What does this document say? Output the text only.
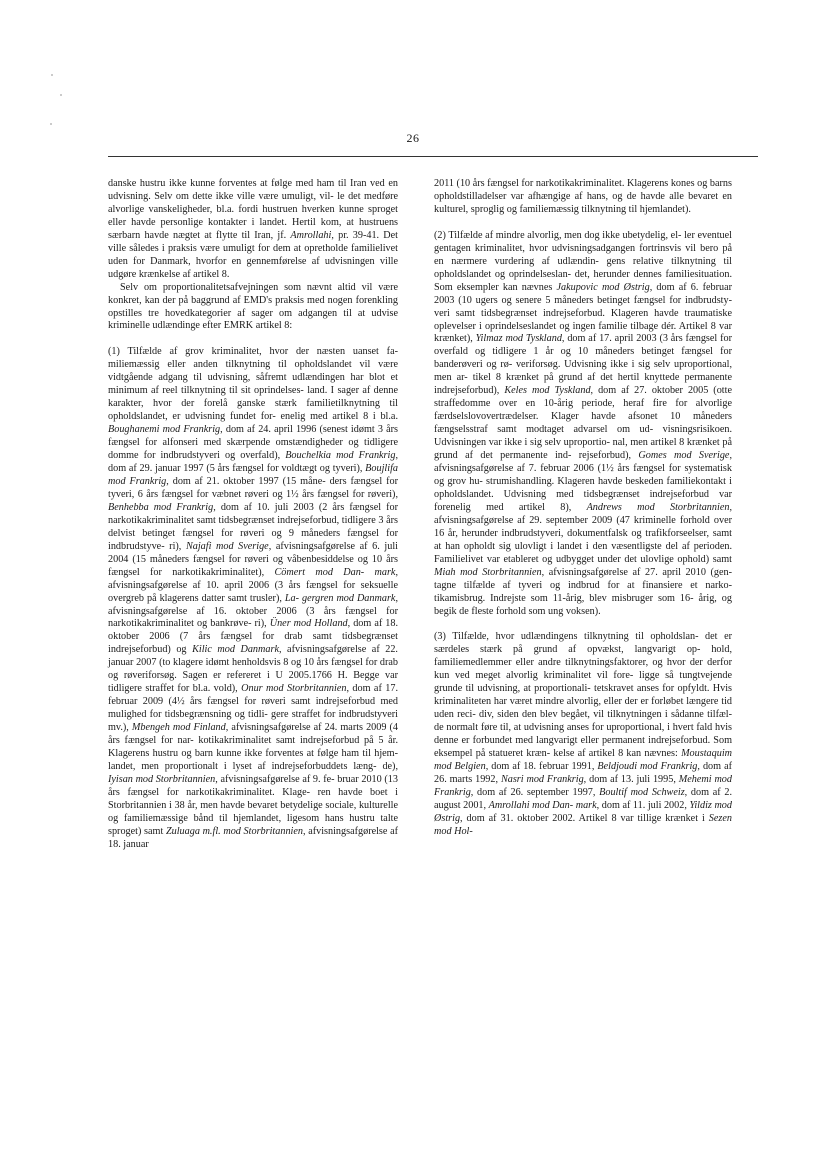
26

danske hustru ikke kunne forventes at følge med ham til Iran ved en udvisning. Selv om dette ikke ville være umuligt, vil- le det medføre alvorlige vanskeligheder, bl.a. fordi hustruen hverken kunne sproget eller havde personlige kontakter i landet. Hertil kom, at hustruens særbarn havde nægtet at flytte til Iran, jf. Amrollahi, pr. 39-41. Det ville således i praksis være umuligt for dem at opretholde familielivet uden for Danmark, hvorfor en gennemførelse af udvisningen ville udgøre krænkelse af artikel 8.

Selv om proportionalitetsafvejningen som nævnt altid vil være konkret, kan der på baggrund af EMD's praksis med nogen forenkling opstilles tre hovedkategorier af sager om adgangen til at udvise kriminelle udlændinge efter EMRK artikel 8:

(1) Tilfælde af grov kriminalitet, hvor der næsten uanset fa- miliemæssig eller anden tilknytning til opholdslandet vil være vidtgående adgang til udvisning, såfremt udlændingen har blot et minimum af reel tilknytning til sit oprindelses- land. I sager af denne karakter, hvor der forelå ganske stærk familietilknytning til opholdslandet, er udvisning fundet for- enelig med artikel 8 i bl.a. Boughanemi mod Frankrig, dom af 24. april 1996 (senest idømt 3 års fængsel for alfonseri med skærpende omstændigheder og tidligere domme for indbrudstyveri og overfald), Bouchelkia mod Frankrig, dom af 29. januar 1997 (5 års fængsel for voldtægt og tyveri), Boujlifa mod Frankrig, dom af 21. oktober 1997 (15 måne- ders fængsel for tyveri, 6 års fængsel for væbnet røveri og 1½ års fængsel for røveri), Benhebba mod Frankrig, dom af 10. juli 2003 (2 års fængsel for narkotikakriminalitet samt tidsbegrænset indrejseforbud, tidligere 3 års delvist betinget fængsel for røveri og 9 måneders fængsel for indbrudstyve- ri), Najafi mod Sverige, afvisningsafgørelse af 6. juli 2004 (15 måneders fængsel for røveri og våbenbesiddelse og 10 års fængsel for narkotikakriminalitet), Cömert mod Dan- mark, afvisningsafgørelse af 10. april 2006 (3 års fængsel for seksuelle overgreb på klagerens datter samt trusler), La- gergren mod Danmark, afvisningsafgørelse af 16. oktober 2006 (3 års fængsel for narkotikakriminalitet og bankrøve- ri), Üner mod Holland, dom af 18. oktober 2006 (7 års fængsel for drab samt tidsbegrænset indrejseforbud) og Kilic mod Danmark, afvisningsafgørelse af 22. januar 2007 (to klagere idømt henholdsvis 8 og 10 års fængsel for drab og røveriforsøg. Sagen er refereret i U 2005.1766 H. Begge var tidligere straffet for bl.a. vold), Onur mod Storbritannien, dom af 17. februar 2009 (4½ års fængsel for røveri samt indrejseforbud med mulighed for tidsbegrænsning og tidli- gere straffet for indbrudstyveri mv.), Mbengeh mod Finland, afvisningsafgørelse af 24. marts 2009 (4 års fængsel for nar- kotikakriminalitet samt indrejseforbud på 5 år. Klagerens hustru og barn kunne ikke forventes at følge ham til hjem- landet, men proportionalt i lyset af indrejseforbuddets læng- de), Iyisan mod Storbritannien, afvisningsafgørelse af 9. fe- bruar 2010 (13 års fængsel for narkotikakriminalitet. Klage- ren havde boet i Storbritannien i 38 år, men havde bevaret betydelige sociale, kulturelle og familiemæssige bånd til hjemlandet, ligesom hans hustru talte sproget) samt Zuluaga m.fl. mod Storbritannien, afvisningsafgørelse af 18. januar

2011 (10 års fængsel for narkotikakriminalitet. Klagerens kones og barns opholdstilladelser var afhængige af hans, og de havde alle bevaret en kulturel, sproglig og familiemæssig tilknytning til hjemlandet).

(2) Tilfælde af mindre alvorlig, men dog ikke ubetydelig, el- ler eventuel gentagen kriminalitet, hvor udvisningsadgangen fortrinsvis vil bero på en nærmere vurdering af udlændin- gens relative tilknytning til opholdslandet og oprindelseslan- det, herunder dennes familiesituation. Som eksempler kan nævnes Jakupovic mod Østrig, dom af 6. februar 2003 (10 ugers og senere 5 måneders betinget fængsel for indbrudsty- veri samt tidsbegrænset indrejseforbud. Klageren havde traumatiske oplevelser i oprindelseslandet og ingen familie tilbage dér. Artikel 8 var krænket), Yilmaz mod Tyskland, dom af 17. april 2003 (3 års fængsel for overfald og tidligere 1 år og 10 måneders betinget fængsel for banderøveri og rø- veriforsøg. Udvisning ikke i sig selv uproportional, men ar- tikel 8 krænket på grund af det hertil knyttede permanente indrejseforbud), Keles mod Tyskland, dom af 27. oktober 2005 (otte straffedomme over en 10-årig periode, heraf fire for alvorlige færdselslovovertrædelser. Klager havde afsonet 10 måneders fængselsstraf samt modtaget advarsel om ud- visningsrisikoen. Udvisningen var ikke i sig selv uproportio- nal, men artikel 8 krænket på grund af det permanente ind- rejseforbud), Gomes mod Sverige, afvisningsafgørelse af 7. februar 2006 (1½ års fængsel for systematisk og grov hu- strumishandling. Klageren havde beskeden familiekontakt i opholdslandet. Udvisning med tidsbegrænset indrejseforbud var forenelig med artikel 8), Andrews mod Storbritannien, afvisningsafgørelse af 29. september 2009 (47 kriminelle forhold over 16 år, herunder indbrudstyveri, dokumentfalsk og trafikforseelser, samt at han opholdt sig ulovligt i landet i den væsentligste del af perioden. Familielivet var etableret og udbygget under det ulovlige ophold) samt Miah mod Storbritannien, afvisningsafgørelse af 27. april 2010 (gen- tagne tilfælde af tyveri og indbrud for at finansiere et narko- tikamisbrug. Indrejste som 11-årig, blev misbruger som 16- årig, og begik de fleste forhold som ung voksen).

(3) Tilfælde, hvor udlændingens tilknytning til opholdslan- det er særdeles stærk på grund af opvækst, langvarigt op- hold, familiemedlemmer eller andre tilknytningsfaktorer, og hvor der derfor kun ved meget alvorlig kriminalitet vil fore- ligge så tungtvejende grunde til udvisning, at proportionali- tetskravet anses for opfyldt. Hvis kriminaliteten har været mindre alvorlig, eller der er forløbet længere tid uden reci- div, siden den blev begået, vil tilknytningen i sådanne tilfæl- de normalt føre til, at udvisning anses for uproportional, i hvert fald hvis denne er forbundet med langvarigt eller permanent indrejseforbud. Som eksempel på statueret kræn- kelse af artikel 8 kan nævnes: Moustaquim mod Belgien, dom af 18. februar 1991, Beldjoudi mod Frankrig, dom af 26. marts 1992, Nasri mod Frankrig, dom af 13. juli 1995, Mehemi mod Frankrig, dom af 26. september 1997, Boultif mod Schweiz, dom af 2. august 2001, Amrollahi mod Dan- mark, dom af 11. juli 2002, Yildiz mod Østrig, dom af 31. oktober 2002. Artikel 8 var tillige krænket i Sezen mod Hol-
